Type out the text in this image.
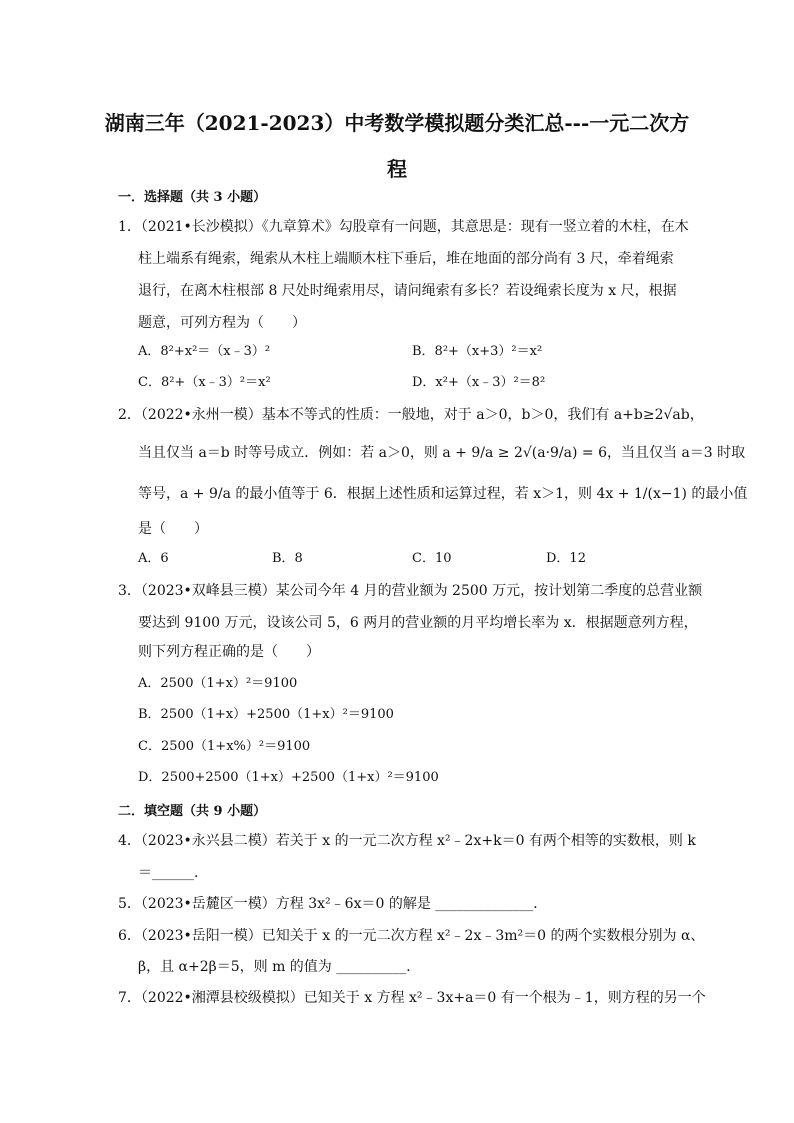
湖南三年（2021-2023）中考数学模拟题分类汇总---一元二次方
程
一．选择题（共 3 小题）
1．（2021•长沙模拟）《九章算术》勾股章有一问题，其意思是：现有一竖立着的木柱，在木
柱上端系有绳索，绳索从木柱上端顺木柱下垂后，堆在地面的部分尚有 3 尺，牵着绳索
退行，在离木柱根部 8 尺处时绳索用尽，请问绳索有多长？若设绳索长度为 x 尺，根据
题意，可列方程为（　　）
A．8²+x²＝（x﹣3）²	B．8²+（x+3）²＝x²
C．8²+（x﹣3）²＝x²	D．x²+（x﹣3）²＝8²
2．（2022•永州一模）基本不等式的性质：一般地，对于 a＞0，b＞0，我们有 a+b≥2√ab，
当且仅当 a＝b 时等号成立．例如：若 a＞0，则 a + 9/a ≥ 2√(a·9/a) = 6，当且仅当 a＝3 时取
等号，a + 9/a 的最小值等于 6．根据上述性质和运算过程，若 x＞1，则 4x + 1/(x−1) 的最小值
是（　　）
A．6	B．8	C．10	D．12
3．（2023•双峰县三模）某公司今年 4 月的营业额为 2500 万元，按计划第二季度的总营业额
要达到 9100 万元，设该公司 5，6 两月的营业额的月平均增长率为 x．根据题意列方程，
则下列方程正确的是（　　）
A．2500（1+x）²＝9100
B．2500（1+x）+2500（1+x）²＝9100
C．2500（1+x%）²＝9100
D．2500+2500（1+x）+2500（1+x）²＝9100
二．填空题（共 9 小题）
4．（2023•永兴县二模）若关于 x 的一元二次方程 x²﹣2x+k＝0 有两个相等的实数根，则 k
＝______．
5．（2023•岳麓区一模）方程 3x²﹣6x＝0 的解是 ______________．
6．（2023•岳阳一模）已知关于 x 的一元二次方程 x²﹣2x﹣3m²＝0 的两个实数根分别为 α、
β，且 α+2β＝5，则 m 的值为 __________．
7．（2022•湘潭县校级模拟）已知关于 x 方程 x²﹣3x+a＝0 有一个根为﹣1，则方程的另一个
